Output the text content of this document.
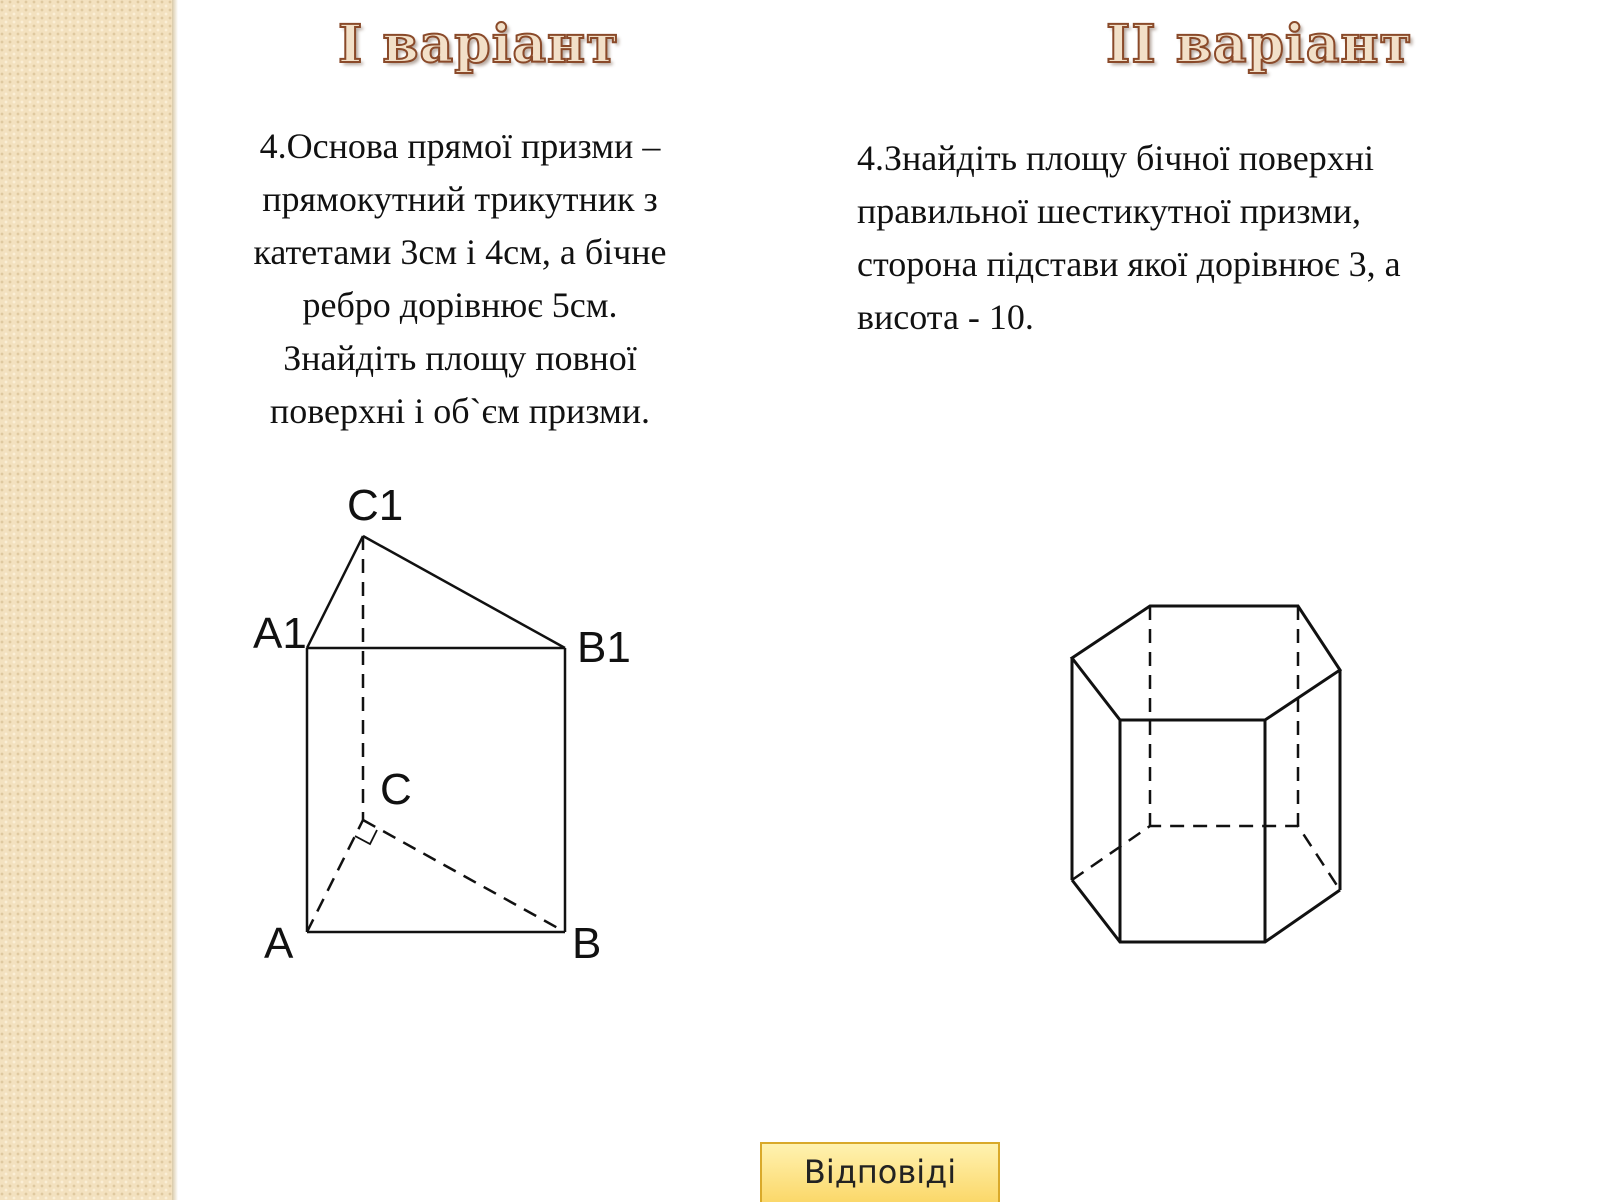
І варіант	ІІ варіант
4.Основа прямої призми –
прямокутний трикутник з
катетами 3см і 4см, а бічне
ребро дорівнює 5см.
Знайдіть площу повної
поверхні і об`єм призми.
4.Знайдіть площу бічної поверхні
правильної шестикутної призми,
сторона підстави якої дорівнює 3, а
висота - 10.
C1
A1	B1
C
A	B
Відповіді
